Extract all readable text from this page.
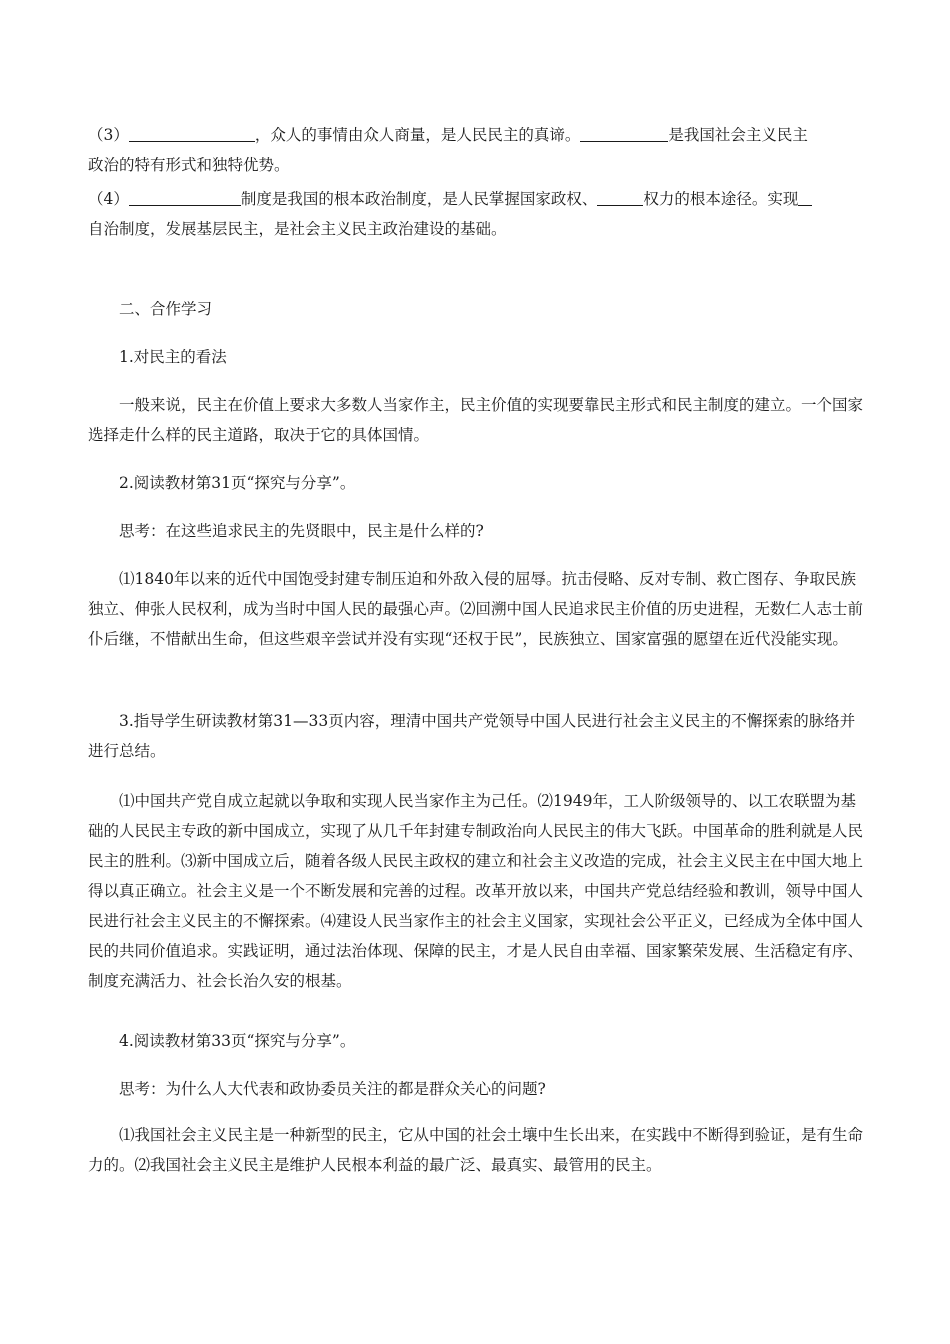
（3）	，众人的事情由众人商量，是人民民主的真谛。	是我国社会主义民主

政治的特有形式和独特优势。

（4）	制度是我国的根本政治制度，是人民掌握国家政权、	权力的根本途径。实现

自治制度，发展基层民主，是社会主义民主政治建设的基础。

二、合作学习
1.对民主的看法
一般来说，民主在价值上要求大多数人当家作主，民主价值的实现要靠民主形式和民主制度的建立。一个国家选择走什么样的民主道路，取决于它的具体国情。
2.阅读教材第31页“探究与分享”。
思考：在这些追求民主的先贤眼中，民主是什么样的?
⑴1840年以来的近代中国饱受封建专制压迫和外敌入侵的屈辱。抗击侵略、反对专制、救亡图存、争取民族独立、伸张人民权利，成为当时中国人民的最强心声。⑵回溯中国人民追求民主价值的历史进程，无数仁人志士前仆后继，不惜献出生命，但这些艰辛尝试并没有实现“还权于民”，民族独立、国家富强的愿望在近代没能实现。
3.指导学生研读教材第31—33页内容，理清中国共产党领导中国人民进行社会主义民主的不懈探索的脉络并进行总结。
⑴中国共产党自成立起就以争取和实现人民当家作主为己任。⑵1949年，工人阶级领导的、以工农联盟为基础的人民民主专政的新中国成立，实现了从几千年封建专制政治向人民民主的伟大飞跃。中国革命的胜利就是人民民主的胜利。⑶新中国成立后，随着各级人民民主政权的建立和社会主义改造的完成，社会主义民主在中国大地上得以真正确立。社会主义是一个不断发展和完善的过程。改革开放以来，中国共产党总结经验和教训，领导中国人民进行社会主义民主的不懈探索。⑷建设人民当家作主的社会主义国家，实现社会公平正义，已经成为全体中国人民的共同价值追求。实践证明，通过法治体现、保障的民主，才是人民自由幸福、国家繁荣发展、生活稳定有序、制度充满活力、社会长治久安的根基。
4.阅读教材第33页“探究与分享”。
思考：为什么人大代表和政协委员关注的都是群众关心的问题?
⑴我国社会主义民主是一种新型的民主，它从中国的社会土壤中生长出来，在实践中不断得到验证，是有生命力的。⑵我国社会主义民主是维护人民根本利益的最广泛、最真实、最管用的民主。
